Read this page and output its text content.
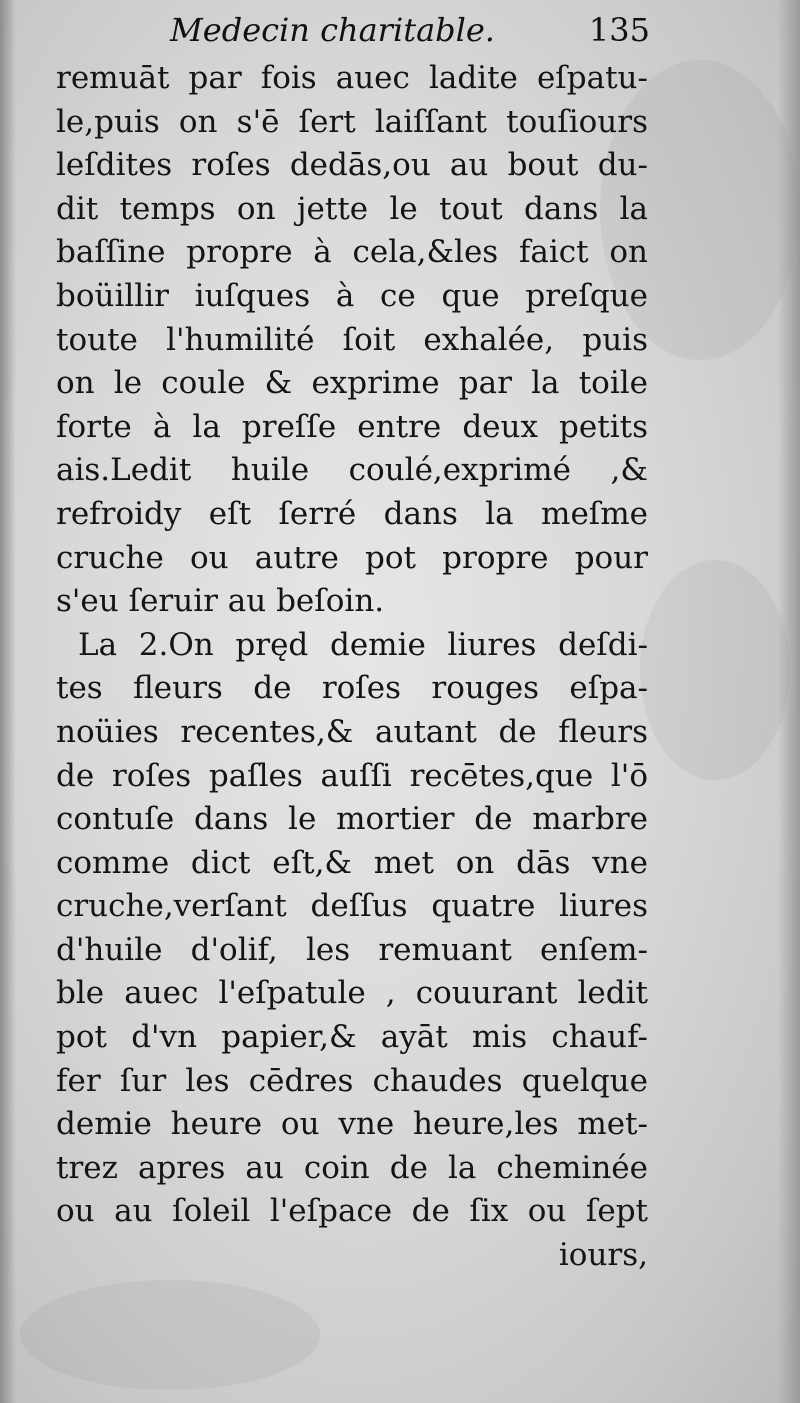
Medecin charitable.	135
remuāt par fois auec ladite eſpatu-
le,puis on s'ē ſert laiſſant touſiours
leſdites roſes dedās,ou au bout du-
dit temps on jette le tout dans la
baſſine propre à cela,&les faict on
boüillir iuſques à ce que preſque
toute l'humilité ſoit exhalée, puis
on le coule & exprime par la toile
forte à la preſſe entre deux petits
ais.Ledit huile coulé,exprimé ,&
refroidy eſt ſerré dans la meſme
cruche ou autre pot propre pour
s'eu ſeruir au beſoin.
La 2.On pręd demie liures deſdi-
tes fleurs de roſes rouges eſpa-
noüies recentes,& autant de fleurs
de roſes paſles auſſi recētes,que l'ō
contuſe dans le mortier de marbre
comme dict eſt,& met on dās vne
cruche,verſant deſſus quatre liures
d'huile d'olif, les remuant enſem-
ble auec l'eſpatule , couurant ledit
pot d'vn papier,& ayāt mis chauf-
fer ſur les cēdres chaudes quelque
demie heure ou vne heure,les met-
trez apres au coin de la cheminée
ou au ſoleil l'eſpace de ſix ou ſept
iours,
